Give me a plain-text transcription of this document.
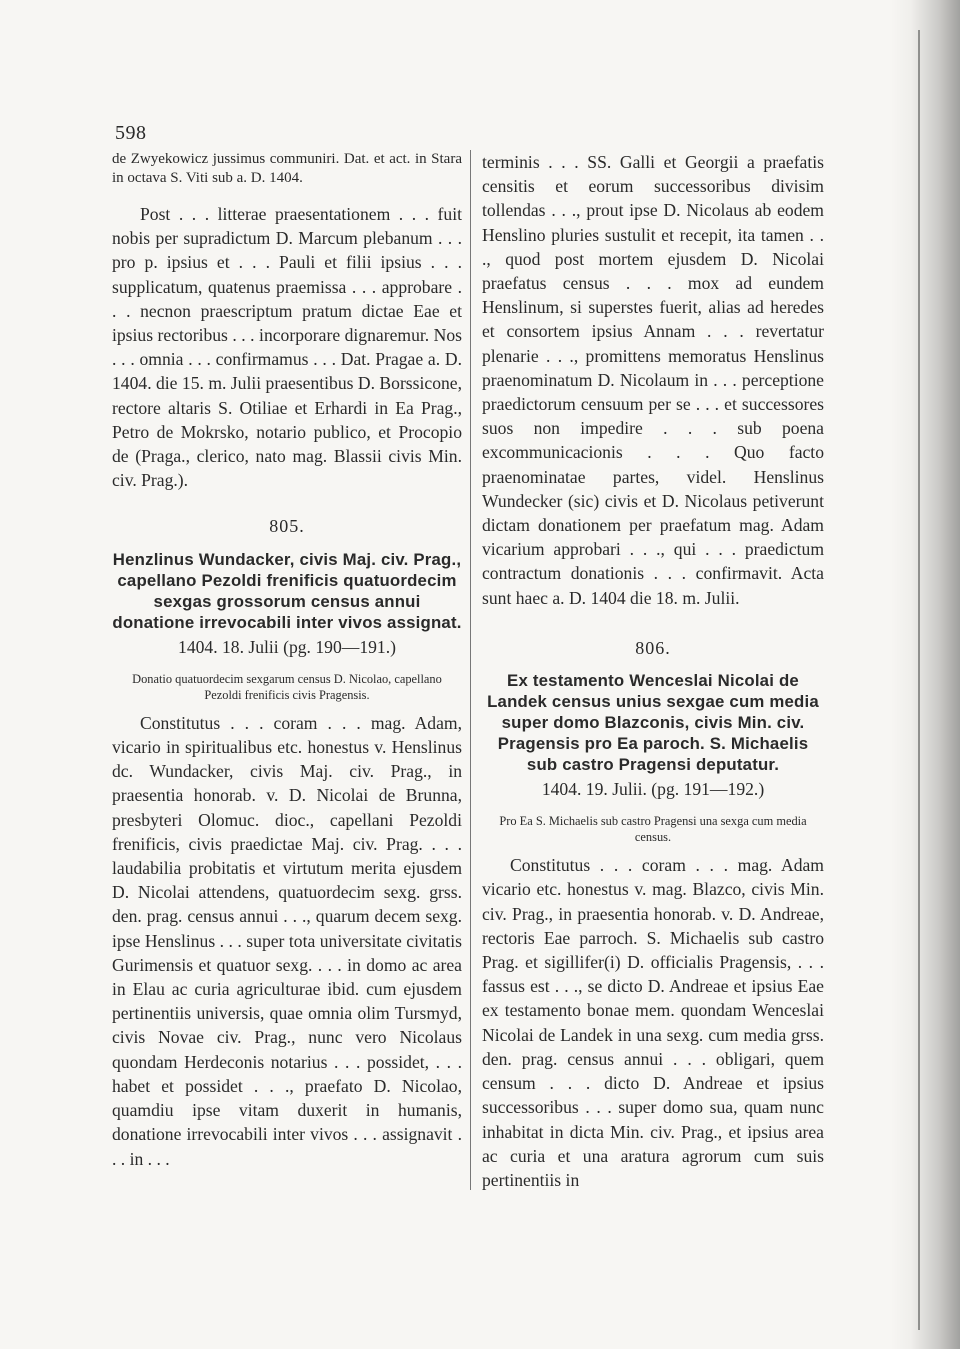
598

de Zwyekowicz jussimus communiri. Dat. et act. in Stara in octava S. Viti sub a. D. 1404.

Post . . . litterae praesentationem . . . fuit nobis per supradictum D. Marcum plebanum . . . pro p. ipsius et . . . Pauli et filii ipsius . . . supplicatum, quatenus praemissa . . . approbare . . . necnon praescriptum pratum dictae Eae et ipsius rectoribus . . . incorporare dignaremur. Nos . . . omnia . . . confirmamus . . . Dat. Pragae a. D. 1404. die 15. m. Julii praesentibus D. Borssicone, rectore altaris S. Otiliae et Erhardi in Ea Prag., Petro de Mokrsko, notario publico, et Procopio de (Praga., clerico, nato mag. Blassii civis Min. civ. Prag.).

805.
Henzlinus Wundacker, civis Maj. civ. Prag., capellano Pezoldi frenificis quatuordecim sexgas grossorum census annui donatione irrevocabili inter vivos assignat.
1404. 18. Julii (pg. 190—191.)
Donatio quatuordecim sexgarum census D. Nicolao, capellano Pezoldi frenificis civis Pragensis.

Constitutus . . . coram . . . mag. Adam, vicario in spiritualibus etc. honestus v. Henslinus dc. Wundacker, civis Maj. civ. Prag., in praesentia honorab. v. D. Nicolai de Brunna, presbyteri Olomuc. dioc., capellani Pezoldi frenificis, civis praedictae Maj. civ. Prag. . . . laudabilia probitatis et virtutum merita ejusdem D. Nicolai attendens, quatuordecim sexg. grss. den. prag. census annui . . ., quarum decem sexg. ipse Henslinus . . . super tota universitate civitatis Gurimensis et quatuor sexg. . . . in domo ac area in Elau ac curia agriculturae ibid. cum ejusdem pertinentiis universis, quae omnia olim Tursmyd, civis Novae civ. Prag., nunc vero Nicolaus quondam Herdeconis notarius . . . possidet, . . . habet et possidet . . ., praefato D. Nicolao, quamdiu ipse vitam duxerit in humanis, donatione irrevocabili inter vivos . . . assignavit . . . in . . .

terminis . . . SS. Galli et Georgii a praefatis censitis et eorum successoribus divisim tollendas . . ., prout ipse D. Nicolaus ab eodem Henslino pluries sustulit et recepit, ita tamen . . ., quod post mortem ejusdem D. Nicolai praefatus census . . . mox ad eundem Henslinum, si superstes fuerit, alias ad heredes et consortem ipsius Annam . . . revertatur plenarie . . ., promittens memoratus Henslinus praenominatum D. Nicolaum in . . . perceptione praedictorum censuum per se . . . et successores suos non impedire . . . sub poena excommunicacionis . . . Quo facto praenominatae partes, videl. Henslinus Wundecker (sic) civis et D. Nicolaus petiverunt dictam donationem per praefatum mag. Adam vicarium approbari . . ., qui . . . praedictum contractum donationis . . . confirmavit. Acta sunt haec a. D. 1404 die 18. m. Julii.

806.
Ex testamento Wenceslai Nicolai de Landek census unius sexgae cum media super domo Blazconis, civis Min. civ. Pragensis pro Ea paroch. S. Michaelis sub castro Pragensi deputatur.
1404. 19. Julii. (pg. 191—192.)
Pro Ea S. Michaelis sub castro Pragensi una sexga cum media census.

Constitutus . . . coram . . . mag. Adam vicario etc. honestus v. mag. Blazco, civis Min. civ. Prag., in praesentia honorab. v. D. Andreae, rectoris Eae parroch. S. Michaelis sub castro Prag. et sigillifer(i) D. officialis Pragensis, . . . fassus est . . ., se dicto D. Andreae et ipsius Eae ex testamento bonae mem. quondam Wenceslai Nicolai de Landek in una sexg. cum media grss. den. prag. census annui . . . obligari, quem censum . . . dicto D. Andreae et ipsius successoribus . . . super domo sua, quam nunc inhabitat in dicta Min. civ. Prag., et ipsius area ac curia et una aratura agrorum cum suis pertinentiis in
